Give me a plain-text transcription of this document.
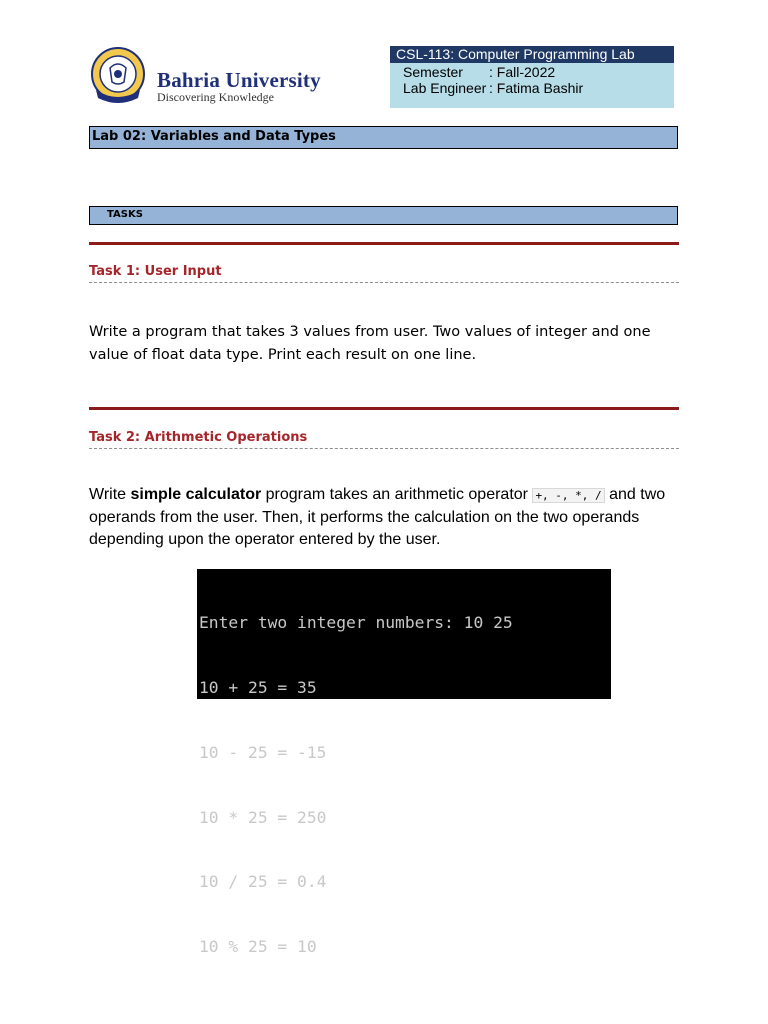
Bahria University
Discovering Knowledge
CSL-113: Computer Programming Lab
Semester : Fall-2022
Lab Engineer : Fatima Bashir
Lab 02: Variables and Data Types
TASKS
Task 1: User Input
Write a program that takes 3 values from user. Two values of integer and one value of float data type. Print each result on one line.
Task 2: Arithmetic Operations
Write simple calculator program takes an arithmetic operator +, -, *, / and two operands from the user. Then, it performs the calculation on the two operands depending upon the operator entered by the user.

Enter two integer numbers: 10 25

10 + 25 = 35

10 - 25 = -15

10 * 25 = 250

10 / 25 = 0.4

10 % 25 = 10
